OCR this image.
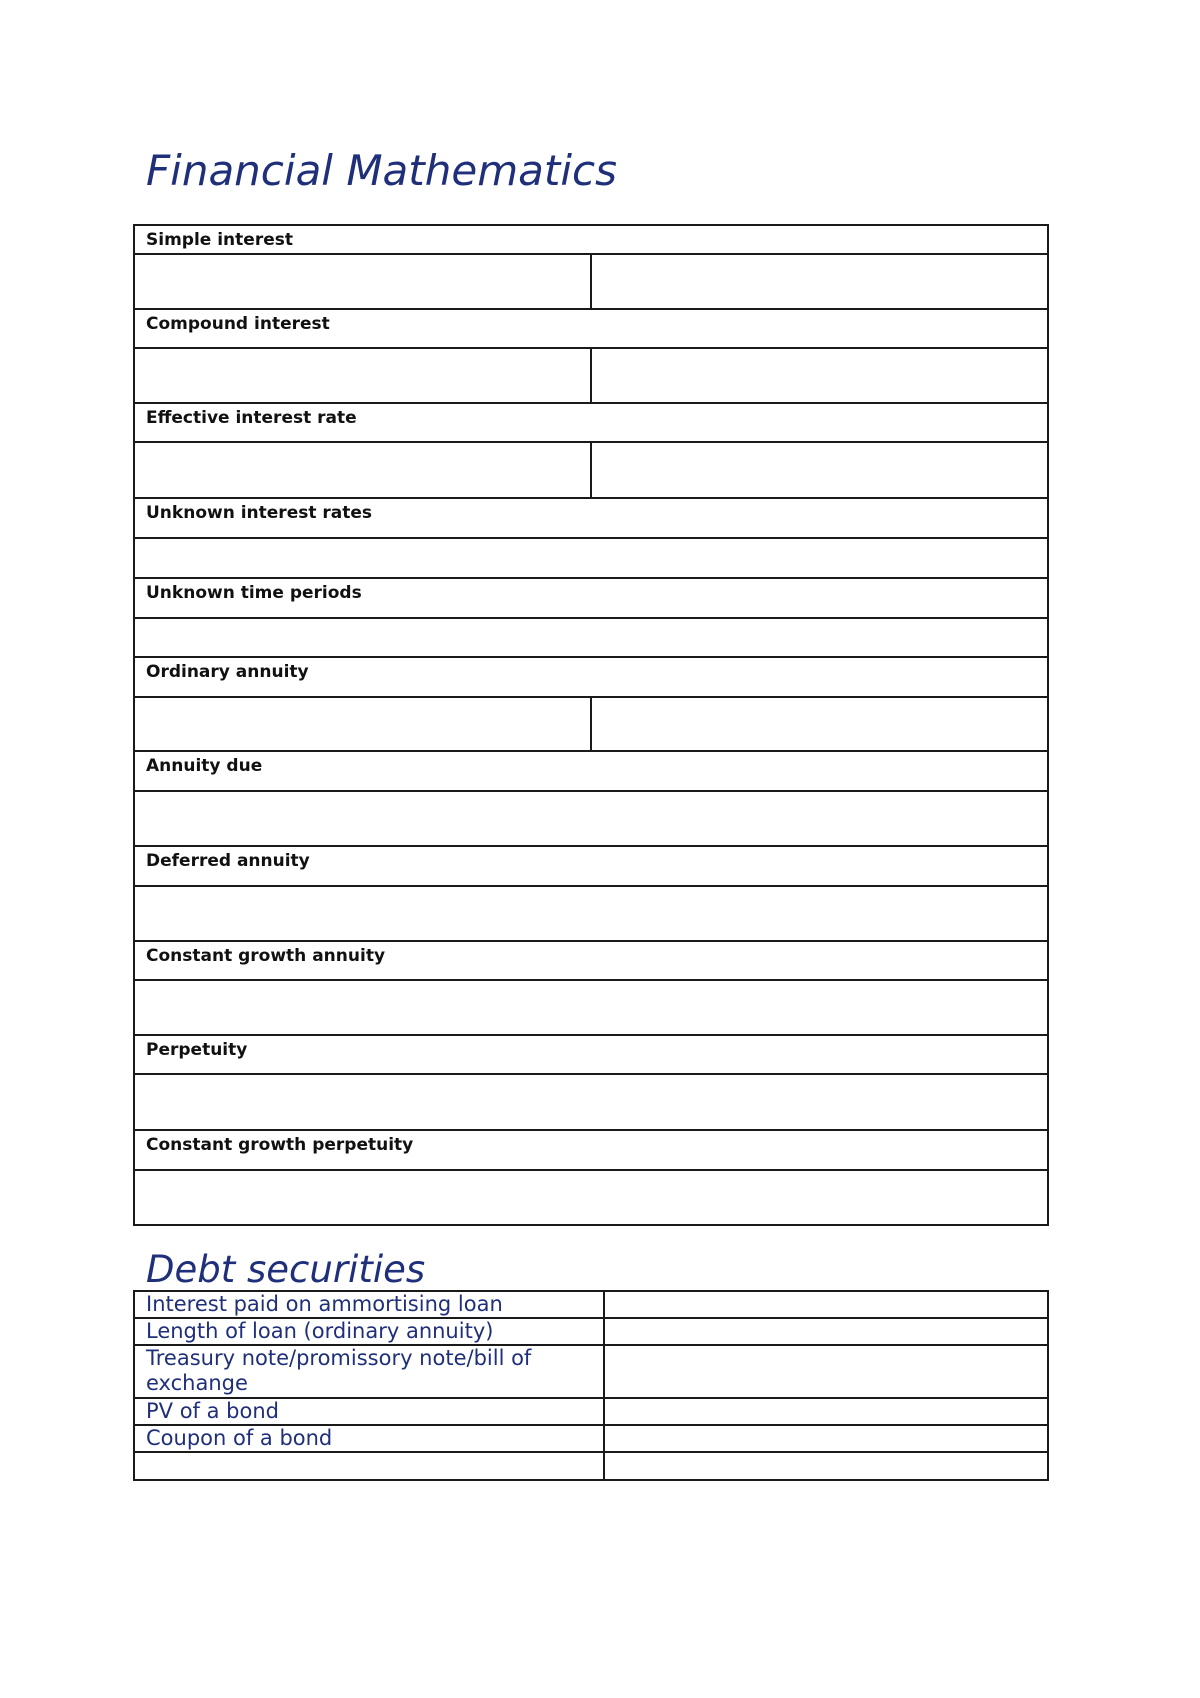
Financial Mathematics
Simple interest	

Compound interest	

Effective interest rate	

Unknown interest rates	

Unknown time periods	

Ordinary annuity	

Annuity due	

Deferred annuity	

Constant growth annuity	

Perpetuity	

Constant growth perpetuity	

Debt securities
Interest paid on ammortising loan	
Length of loan (ordinary annuity)	
Treasury note/promissory note/bill of exchange	
PV of a bond	
Coupon of a bond	
